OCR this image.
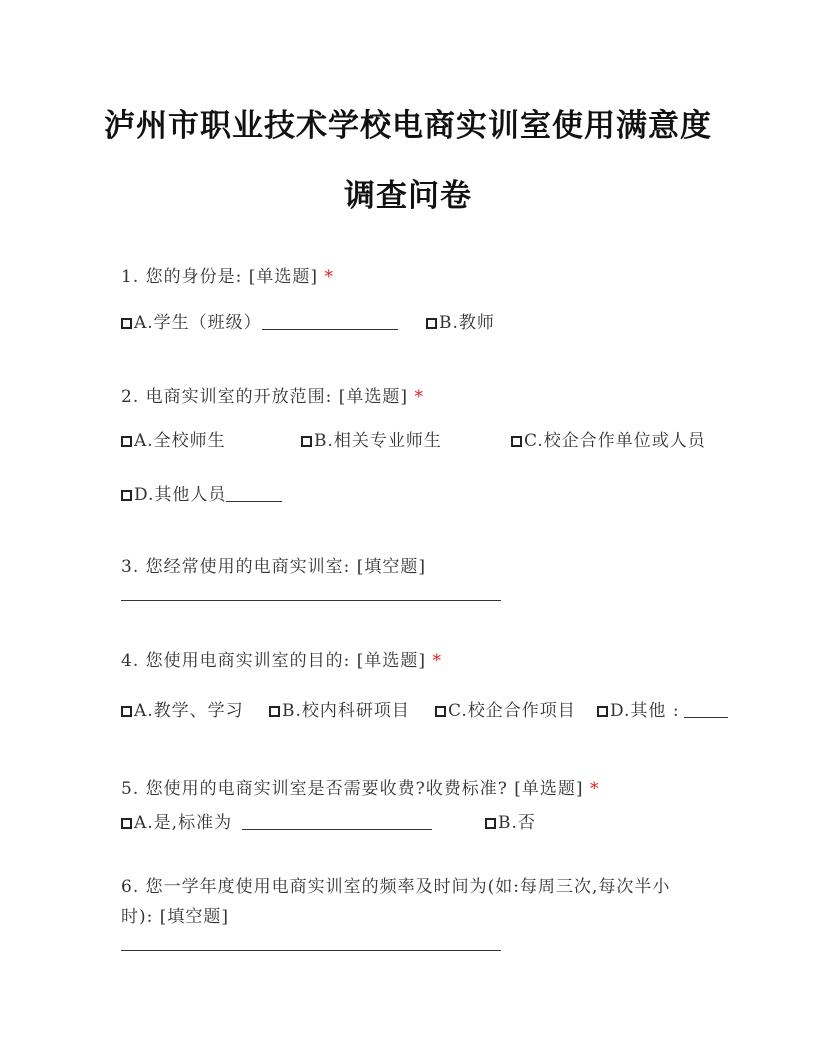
泸州市职业技术学校电商实训室使用满意度
调查问卷
1. 您的身份是: [单选题] *
A.学生（班级）	B.教师
2. 电商实训室的开放范围: [单选题] *
A.全校师生	B.相关专业师生	C.校企合作单位或人员
D.其他人员
3. 您经常使用的电商实训室: [填空题]
4. 您使用电商实训室的目的: [单选题] *
A.教学、学习	B.校内科研项目	C.校企合作项目	D.其他 :
5. 您使用的电商实训室是否需要收费?收费标准? [单选题] *
A.是,标准为	B.否
6. 您一学年度使用电商实训室的频率及时间为(如:每周三次,每次半小
时): [填空题]
